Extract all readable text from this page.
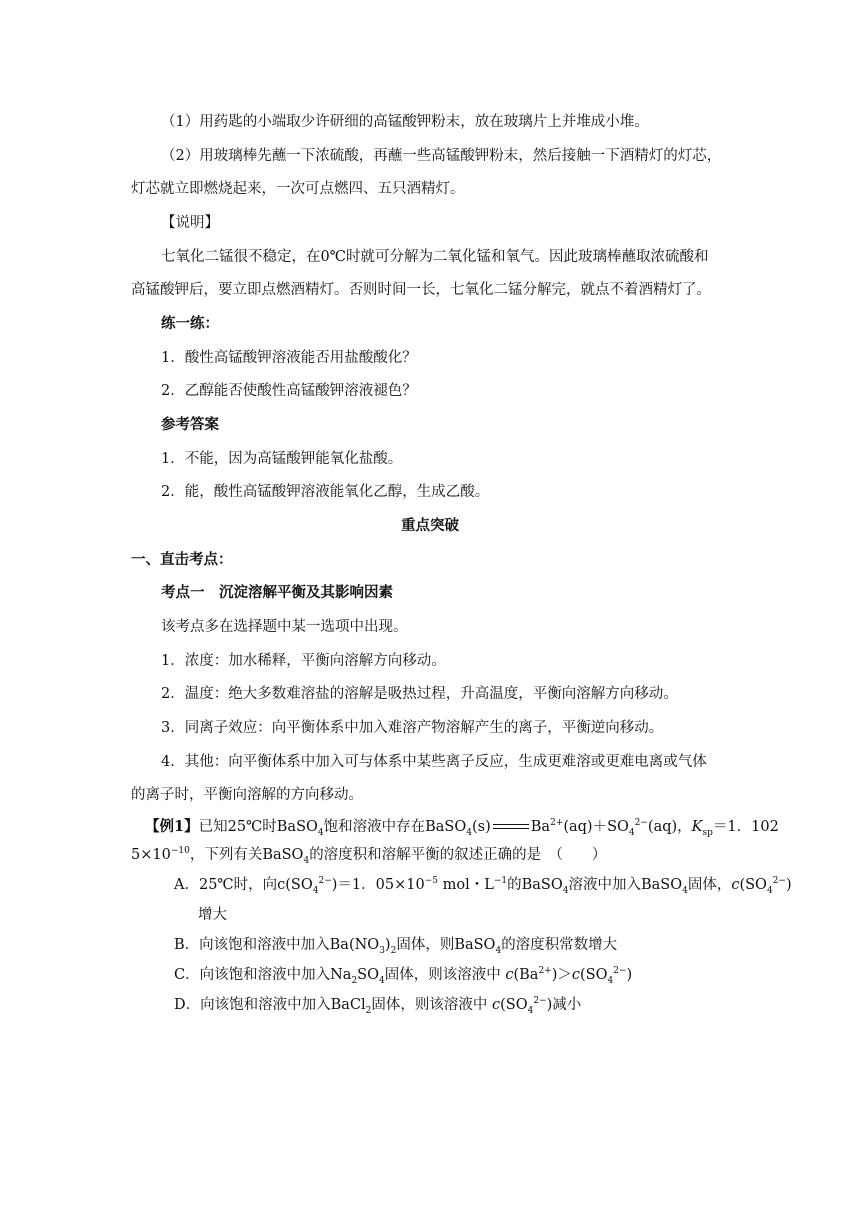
（1）用药匙的小端取少许研细的高锰酸钾粉末，放在玻璃片上并堆成小堆。
（2）用玻璃棒先蘸一下浓硫酸，再蘸一些高锰酸钾粉末，然后接触一下酒精灯的灯芯，
灯芯就立即燃烧起来，一次可点燃四、五只酒精灯。
【说明】
七氧化二锰很不稳定，在0℃时就可分解为二氧化锰和氧气。因此玻璃棒蘸取浓硫酸和
高锰酸钾后，要立即点燃酒精灯。否则时间一长，七氧化二锰分解完，就点不着酒精灯了。
练一练：
1．酸性高锰酸钾溶液能否用盐酸酸化？
2．乙醇能否使酸性高锰酸钾溶液褪色？
参考答案
1．不能，因为高锰酸钾能氧化盐酸。
2．能，酸性高锰酸钾溶液能氧化乙醇，生成乙酸。
重点突破
一、直击考点：
考点一　沉淀溶解平衡及其影响因素
该考点多在选择题中某一选项中出现。
1．浓度：加水稀释，平衡向溶解方向移动。
2．温度：绝大多数难溶盐的溶解是吸热过程，升高温度，平衡向溶解方向移动。
3．同离子效应：向平衡体系中加入难溶产物溶解产生的离子，平衡逆向移动。
4．其他：向平衡体系中加入可与体系中某些离子反应，生成更难溶或更难电离或气体
的离子时，平衡向溶解的方向移动。
【例1】已知25℃时BaSO$_4$饱和溶液中存在BaSO$_4$(s)	$Ba^{2+}(aq)+SO_4^{2-}(aq)$，$K_{sp}=1$．102
$5\times 10^{-10}$，下列有关BaSO$_4$的溶度积和溶解平衡的叙述正确的是　（　　）
A．25℃时，向$c(SO_4^{2-})=1$．$05\times 10^{-5}$ mol・$L^{-1}$的BaSO$_4$溶液中加入BaSO$_4$固体，$c(SO_4^{2-})$
增大
B．向该饱和溶液中加入$Ba(NO_3)_2$固体，则BaSO$_4$的溶度积常数增大
C．向该饱和溶液中加入$Na_2SO_4$固体，则该溶液中 $c(Ba^{2+})>c(SO_4^{2-})$
D．向该饱和溶液中加入BaCl$_2$固体，则该溶液中 $c(SO_4^{2-})$减小
